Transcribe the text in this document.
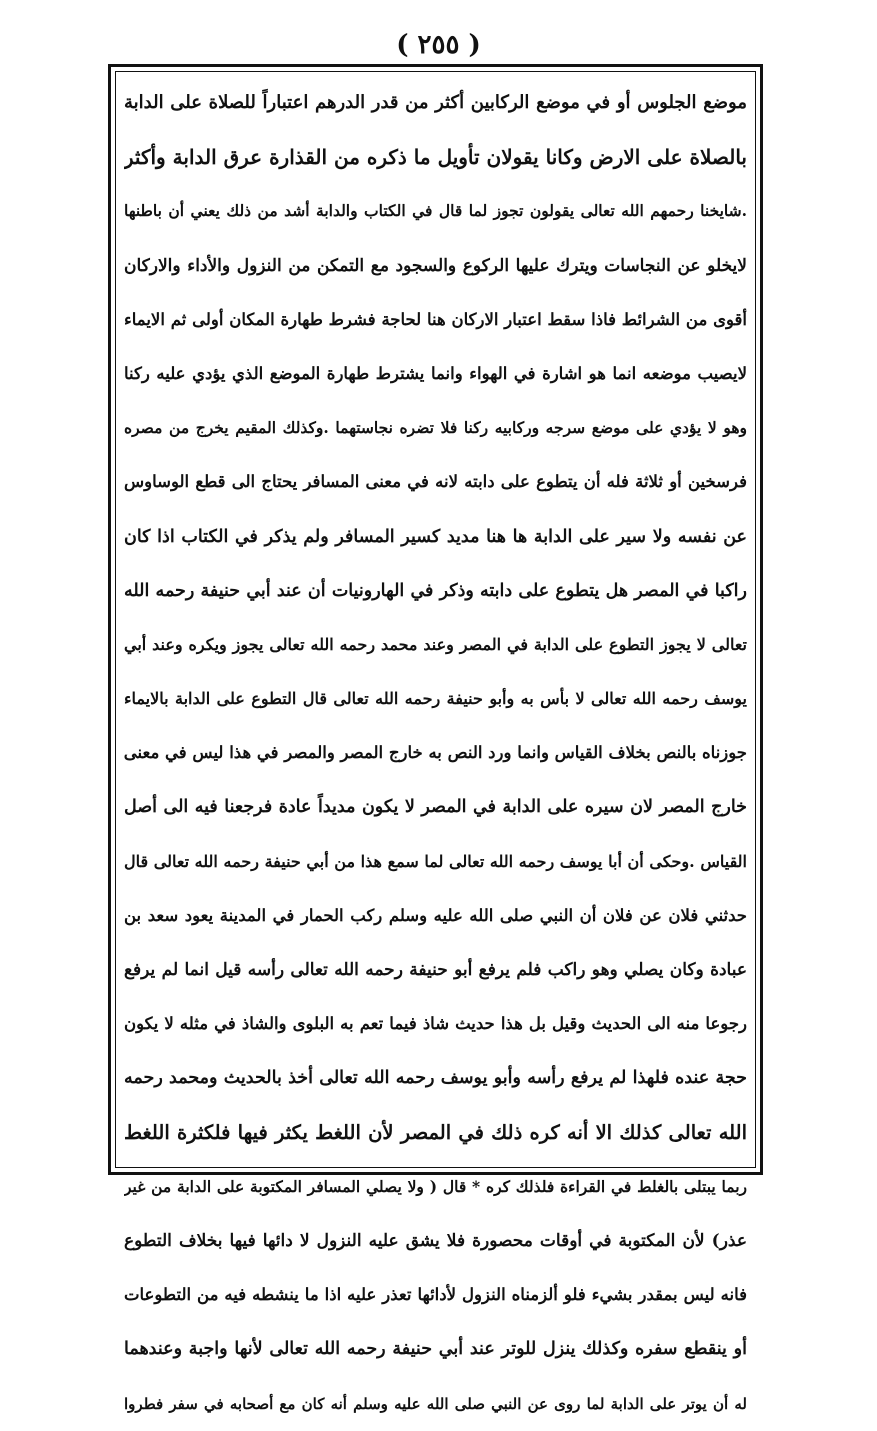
( ٢٥٥ )
موضع الجلوس أو في موضع الركابين أكثر من قدر الدرهم اعتباراً للصلاة على الدابة
بالصلاة على الارض وكانا يقولان تأويل ما ذكره من القذارة عرق الدابة وأكثر
.شايخنا رحمهم الله تعالى يقولون تجوز لما قال في الكتاب والدابة أشد من ذلك يعني أن باطنها
لايخلو عن النجاسات ويترك عليها الركوع والسجود مع التمكن من النزول والأداء والاركان
أقوى من الشرائط فاذا سقط اعتبار الاركان هنا لحاجة فشرط طهارة المكان أولى ثم الايماء
لايصيب موضعه انما هو اشارة في الهواء وانما يشترط طهارة الموضع الذي يؤدي عليه ركنا
وهو لا يؤدي على موضع سرجه وركابيه ركنا فلا تضره نجاستهما .وكذلك المقيم يخرج من مصره
فرسخين أو ثلاثة فله أن يتطوع على دابته لانه في معنى المسافر يحتاج الى قطع الوساوس
عن نفسه ولا سير على الدابة ها هنا مديد كسير المسافر ولم يذكر في الكتاب اذا كان
راكبا في المصر هل يتطوع على دابته وذكر في الهارونيات أن عند أبي حنيفة رحمه الله
تعالى لا يجوز التطوع على الدابة في المصر وعند محمد رحمه الله تعالى يجوز ويكره وعند أبي
يوسف رحمه الله تعالى لا بأس به وأبو حنيفة رحمه الله تعالى قال التطوع على الدابة بالايماء
جوزناه بالنص بخلاف القياس وانما ورد النص به خارج المصر والمصر في هذا ليس في معنى
خارج المصر لان سيره على الدابة في المصر لا يكون مديداً عادة فرجعنا فيه الى أصل
القياس .وحكى أن أبا يوسف رحمه الله تعالى لما سمع هذا من أبي حنيفة رحمه الله تعالى قال
حدثني فلان عن فلان أن النبي صلى الله عليه وسلم ركب الحمار في المدينة يعود سعد بن
عبادة وكان يصلي وهو راكب فلم يرفع أبو حنيفة رحمه الله تعالى رأسه قيل انما لم يرفع
رجوعا منه الى الحديث وقيل بل هذا حديث شاذ فيما تعم به البلوى والشاذ في مثله لا يكون
حجة عنده فلهذا لم يرفع رأسه وأبو يوسف رحمه الله تعالى أخذ بالحديث ومحمد رحمه
الله تعالى كذلك الا أنه كره ذلك في المصر لأن اللغط يكثر فيها فلكثرة اللغط
ربما يبتلى بالغلط في القراءة فلذلك كره * قال ( ولا يصلي المسافر المكتوبة على الدابة من غير
عذر) لأن المكتوبة في أوقات محصورة فلا يشق عليه النزول لا دائها فيها بخلاف التطوع
فانه ليس بمقدر بشيء فلو ألزمناه النزول لأدائها تعذر عليه اذا ما ينشطه فيه من التطوعات
أو ينقطع سفره وكذلك ينزل للوتر عند أبي حنيفة رحمه الله تعالى لأنها واجبة وعندهما
له أن يوتر على الدابة لما روى عن النبي صلى الله عليه وسلم أنه كان مع أصحابه في سفر فطروا
